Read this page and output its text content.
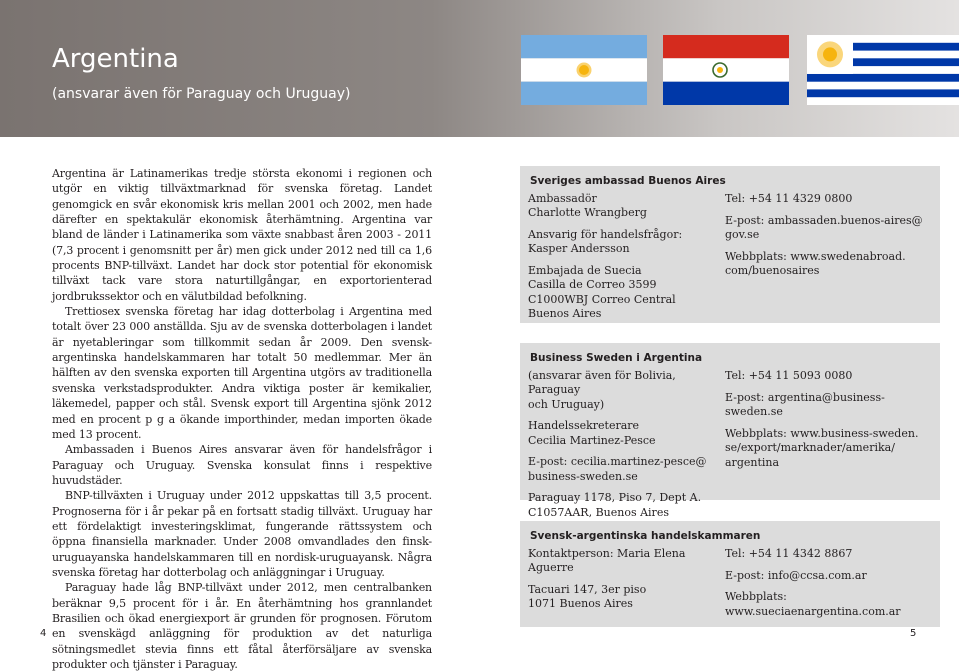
Argentina
(ansvarar även för Paraguay och Uruguay)

Argentina är Latinamerikas tredje största ekonomi i regionen och utgör en viktig tillväxtmarknad för svenska företag. Landet genomgick en svår ekonomisk kris mellan 2001 och 2002, men hade därefter en spektakulär ekonomisk återhämtning. Argentina var bland de länder i Latinamerika som växte snabbast åren 2003 - 2011 (7,3 procent i genomsnitt per år) men gick under 2012 ned till ca 1,6 procents BNP-tillväxt. Landet har dock stor potential för ekonomisk tillväxt tack vare stora naturtillgångar, en exportorienterad jordbrukssektor och en välutbildad befolkning.

Trettiosex svenska företag har idag dotterbolag i Argentina med totalt över 23 000 anställda. Sju av de svenska dotterbolagen i landet är nyetableringar som tillkommit sedan år 2009. Den svensk-argentinska handelskammaren har totalt 50 medlemmar. Mer än hälften av den svenska exporten till Argentina utgörs av traditionella svenska verkstadsprodukter. Andra viktiga poster är kemikalier, läkemedel, papper och stål. Svensk export till Argentina sjönk 2012 med en procent p g a ökande importhinder, medan importen ökade med 13 procent.

Ambassaden i Buenos Aires ansvarar även för handelsfrågor i Paraguay och Uruguay. Svenska konsulat finns i respektive huvudstäder.

BNP-tillväxten i Uruguay under 2012 uppskattas till 3,5 procent. Prognoserna för i år pekar på en fortsatt stadig tillväxt. Uruguay har ett fördelaktigt investeringsklimat, fungerande rättssystem och öppna finansiella marknader. Under 2008 omvandlades den finsk-uruguayanska handelskammaren till en nordisk-uruguayansk. Några svenska företag har dotterbolag och anläggningar i Uruguay.

Paraguay hade låg BNP-tillväxt under 2012, men centralbanken beräknar 9,5 procent för i år. En återhämtning hos grannlandet Brasilien och ökad energiexport är grunden för prognosen. Förutom en svenskägd anläggning för produktion av det naturliga sötningsmedlet stevia finns ett fåtal återförsäljare av svenska produkter och tjänster i Paraguay.

Sveriges ambassad Buenos Aires
Ambassadör
Charlotte Wrangberg
Ansvarig för handelsfrågor:
Kasper Andersson
Embajada de Suecia
Casilla de Correo 3599
C1000WBJ Correo Central
Buenos Aires
Tel: +54 11 4329 0800
E-post: ambassaden.buenos-aires@
gov.se
Webbplats: www.swedenabroad.
com/buenosaires
Business Sweden i Argentina
(ansvarar även för Bolivia, Paraguay
och Uruguay)
Handelssekreterare
Cecilia Martinez-Pesce
E-post: cecilia.martinez-pesce@
business-sweden.se
Paraguay 1178, Piso 7, Dept A.
C1057AAR, Buenos Aires
Tel: +54 11 5093 0080
E-post: argentina@business-sweden.se
Webbplats: www.business-sweden.
se/export/marknader/amerika/
argentina
Svensk-argentinska handelskammaren
Kontaktperson: Maria Elena Aguerre
Tacuari 147, 3er piso
1071 Buenos Aires
Tel: +54 11 4342 8867
E-post: info@ccsa.com.ar
Webbplats:
www.sueciaenargentina.com.ar
4	5
